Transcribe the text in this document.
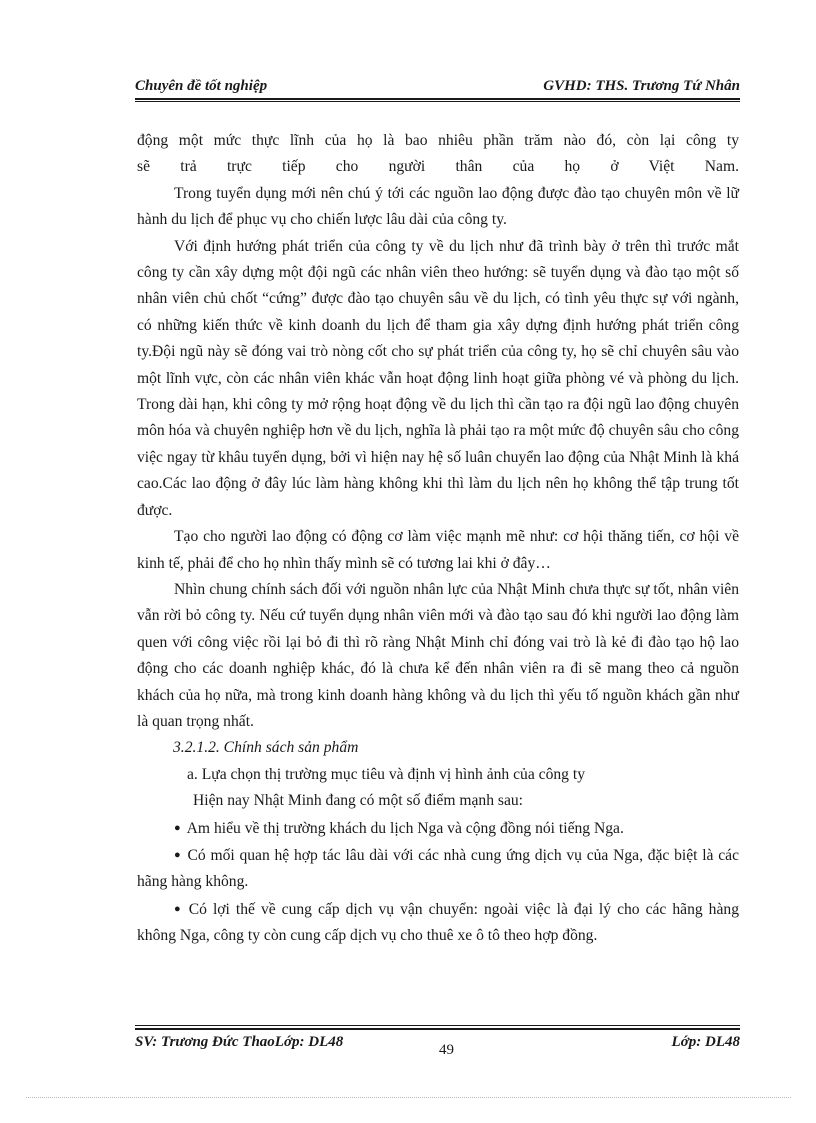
Chuyên đề tốt nghiệp	GVHD: THS. Trương Tứ Nhân

động một mức thực lĩnh của họ là bao nhiêu phần trăm nào đó, còn lại công ty

sẽ trả trực tiếp cho người thân của họ ở Việt Nam.

Trong tuyển dụng mới nên chú ý tới các nguồn lao động được đào tạo chuyên môn về lữ hành du lịch để phục vụ cho chiến lược lâu dài của công ty.

Với định hướng phát triển của công ty về du lịch như đã trình bày ở trên thì trước mắt công ty cần xây dựng một đội ngũ các nhân viên theo hướng: sẽ tuyển dụng và đào tạo một số nhân viên chủ chốt “cứng” được đào tạo chuyên sâu về du lịch, có tình yêu thực sự với ngành, có những kiến thức về kinh doanh du lịch để tham gia xây dựng định hướng phát triển công ty.Đội ngũ này sẽ đóng vai trò nòng cốt cho sự phát triển của công ty, họ sẽ chỉ chuyên sâu vào một lĩnh vực, còn các nhân viên khác vẫn hoạt động linh hoạt giữa phòng vé và phòng du lịch. Trong dài hạn, khi công ty mở rộng hoạt động về du lịch thì cần tạo ra đội ngũ lao động chuyên môn hóa và chuyên nghiệp hơn về du lịch, nghĩa là phải tạo ra một mức độ chuyên sâu cho công việc ngay từ khâu tuyển dụng, bởi vì hiện nay hệ số luân chuyển lao động của Nhật Minh là khá cao.Các lao động ở đây lúc làm hàng không khi thì làm du lịch nên họ không thể tập trung tốt được.

Tạo cho người lao động có động cơ làm việc mạnh mẽ như: cơ hội thăng tiến, cơ hội về kinh tế, phải để cho họ nhìn thấy mình sẽ có tương lai khi ở đây…

Nhìn chung chính sách đối với nguồn nhân lực của Nhật Minh chưa thực sự tốt, nhân viên vẫn rời bỏ công ty. Nếu cứ tuyển dụng nhân viên mới và đào tạo sau đó khi người lao động làm quen với công việc rồi lại bỏ đi thì rõ ràng Nhật Minh chỉ đóng vai trò là kẻ đi đào tạo hộ lao động cho các doanh nghiệp khác, đó là chưa kể đến nhân viên ra đi sẽ mang theo cả nguồn khách của họ nữa, mà trong kinh doanh hàng không và du lịch thì yếu tố nguồn khách gần như là quan trọng nhất.

3.2.1.2. Chính sách sản phẩm

a. Lựa chọn thị trường mục tiêu và định vị hình ảnh của công ty

Hiện nay Nhật Minh đang có một số điểm mạnh sau:

● Am hiểu về thị trường khách du lịch Nga và cộng đồng nói tiếng Nga.

● Có mối quan hệ hợp tác lâu dài với các nhà cung ứng dịch vụ của Nga, đặc biệt là các hãng hàng không.

● Có lợi thế về cung cấp dịch vụ vận chuyển: ngoài việc là đại lý cho các hãng hàng không Nga, công ty còn cung cấp dịch vụ cho thuê xe ô tô theo hợp đồng.

SV: Trương Đức ThaoLớp: DL48	49	Lớp: DL48
